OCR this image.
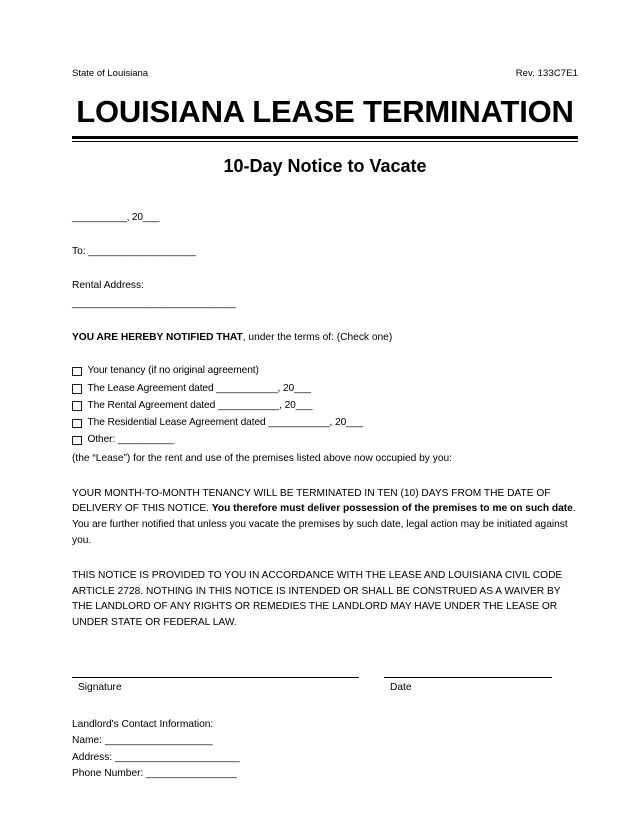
State of Louisiana	Rev. 133C7E1
LOUISIANA LEASE TERMINATION
10-Day Notice to Vacate
__________, 20___
To: ___________________
Rental Address:
_______________________________
YOU ARE HEREBY NOTIFIED THAT, under the terms of: (Check one)
Your tenancy (if no original agreement)
The Lease Agreement dated ___________, 20___
The Rental Agreement dated ___________, 20___
The Residential Lease Agreement dated ___________, 20___
Other: __________
(the “Lease”) for the rent and use of the premises listed above now occupied by you:
YOUR MONTH-TO-MONTH TENANCY WILL BE TERMINATED IN TEN (10) DAYS FROM THE DATE OF DELIVERY OF THIS NOTICE. You therefore must deliver possession of the premises to me on such date. You are further notified that unless you vacate the premises by such date, legal action may be initiated against you.
THIS NOTICE IS PROVIDED TO YOU IN ACCORDANCE WITH THE LEASE AND LOUISIANA CIVIL CODE ARTICLE 2728. NOTHING IN THIS NOTICE IS INTENDED OR SHALL BE CONSTRUED AS A WAIVER BY THE LANDLORD OF ANY RIGHTS OR REMEDIES THE LANDLORD MAY HAVE UNDER THE LEASE OR UNDER STATE OR FEDERAL LAW.
Signature	Date
Landlord's Contact Information:
Name: ___________________
Address: ______________________
Phone Number: ________________
